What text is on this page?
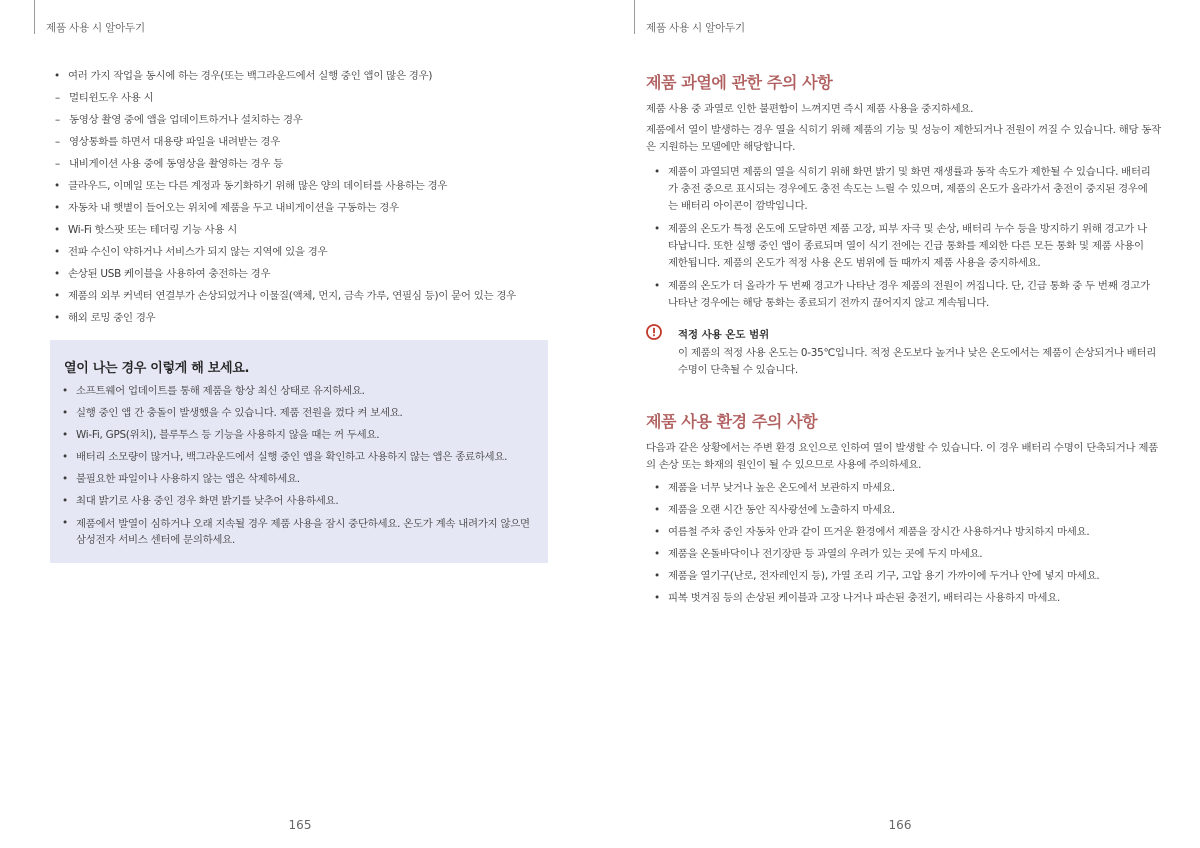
제품 사용 시 알아두기
• 여러 가지 작업을 동시에 하는 경우(또는 백그라운드에서 실행 중인 앱이 많은 경우)
– 멀티윈도우 사용 시
– 동영상 촬영 중에 앱을 업데이트하거나 설치하는 경우
– 영상통화를 하면서 대용량 파일을 내려받는 경우
– 내비게이션 사용 중에 동영상을 촬영하는 경우 등
• 클라우드, 이메일 또는 다른 계정과 동기화하기 위해 많은 양의 데이터를 사용하는 경우
• 자동차 내 햇볕이 들어오는 위치에 제품을 두고 내비게이션을 구동하는 경우
• Wi-Fi 핫스팟 또는 테더링 기능 사용 시
• 전파 수신이 약하거나 서비스가 되지 않는 지역에 있을 경우
• 손상된 USB 케이블을 사용하여 충전하는 경우
• 제품의 외부 커넥터 연결부가 손상되었거나 이물질(액체, 먼지, 금속 가루, 연필심 등)이 묻어 있는 경우
• 해외 로밍 중인 경우
열이 나는 경우 이렇게 해 보세요.
• 소프트웨어 업데이트를 통해 제품을 항상 최신 상태로 유지하세요.
• 실행 중인 앱 간 충돌이 발생했을 수 있습니다. 제품 전원을 껐다 켜 보세요.
• Wi-Fi, GPS(위치), 블루투스 등 기능을 사용하지 않을 때는 꺼 두세요.
• 배터리 소모량이 많거나, 백그라운드에서 실행 중인 앱을 확인하고 사용하지 않는 앱은 종료하세요.
• 불필요한 파일이나 사용하지 않는 앱은 삭제하세요.
• 최대 밝기로 사용 중인 경우 화면 밝기를 낮추어 사용하세요.
• 제품에서 발열이 심하거나 오래 지속될 경우 제품 사용을 잠시 중단하세요. 온도가 계속 내려가지 않으면 삼성전자 서비스 센터에 문의하세요.
165
제품 사용 시 알아두기
제품 과열에 관한 주의 사항

제품 사용 중 과열로 인한 불편함이 느껴지면 즉시 제품 사용을 중지하세요.

제품에서 열이 발생하는 경우 열을 식히기 위해 제품의 기능 및 성능이 제한되거나 전원이 꺼질 수 있습니다. 해당 동작은 지원하는 모델에만 해당합니다.

• 제품이 과열되면 제품의 열을 식히기 위해 화면 밝기 및 화면 재생률과 동작 속도가 제한될 수 있습니다. 배터리가 충전 중으로 표시되는 경우에도 충전 속도는 느릴 수 있으며, 제품의 온도가 올라가서 충전이 중지된 경우에는 배터리 아이콘이 깜박입니다.
• 제품의 온도가 특정 온도에 도달하면 제품 고장, 피부 자극 및 손상, 배터리 누수 등을 방지하기 위해 경고가 나타납니다. 또한 실행 중인 앱이 종료되며 열이 식기 전에는 긴급 통화를 제외한 다른 모든 통화 및 제품 사용이 제한됩니다. 제품의 온도가 적정 사용 온도 범위에 들 때까지 제품 사용을 중지하세요.
• 제품의 온도가 더 올라가 두 번째 경고가 나타난 경우 제품의 전원이 꺼집니다. 단, 긴급 통화 중 두 번째 경고가 나타난 경우에는 해당 통화는 종료되기 전까지 끊어지지 않고 계속됩니다.
적정 사용 온도 범위

이 제품의 적정 사용 온도는 0-35℃입니다. 적정 온도보다 높거나 낮은 온도에서는 제품이 손상되거나 배터리 수명이 단축될 수 있습니다.

제품 사용 환경 주의 사항

다음과 같은 상황에서는 주변 환경 요인으로 인하여 열이 발생할 수 있습니다. 이 경우 배터리 수명이 단축되거나 제품의 손상 또는 화재의 원인이 될 수 있으므로 사용에 주의하세요.

• 제품을 너무 낮거나 높은 온도에서 보관하지 마세요.
• 제품을 오랜 시간 동안 직사광선에 노출하지 마세요.
• 여름철 주차 중인 자동차 안과 같이 뜨거운 환경에서 제품을 장시간 사용하거나 방치하지 마세요.
• 제품을 온돌바닥이나 전기장판 등 과열의 우려가 있는 곳에 두지 마세요.
• 제품을 열기구(난로, 전자레인지 등), 가열 조리 기구, 고압 용기 가까이에 두거나 안에 넣지 마세요.
• 피복 벗겨짐 등의 손상된 케이블과 고장 나거나 파손된 충전기, 배터리는 사용하지 마세요.
166
